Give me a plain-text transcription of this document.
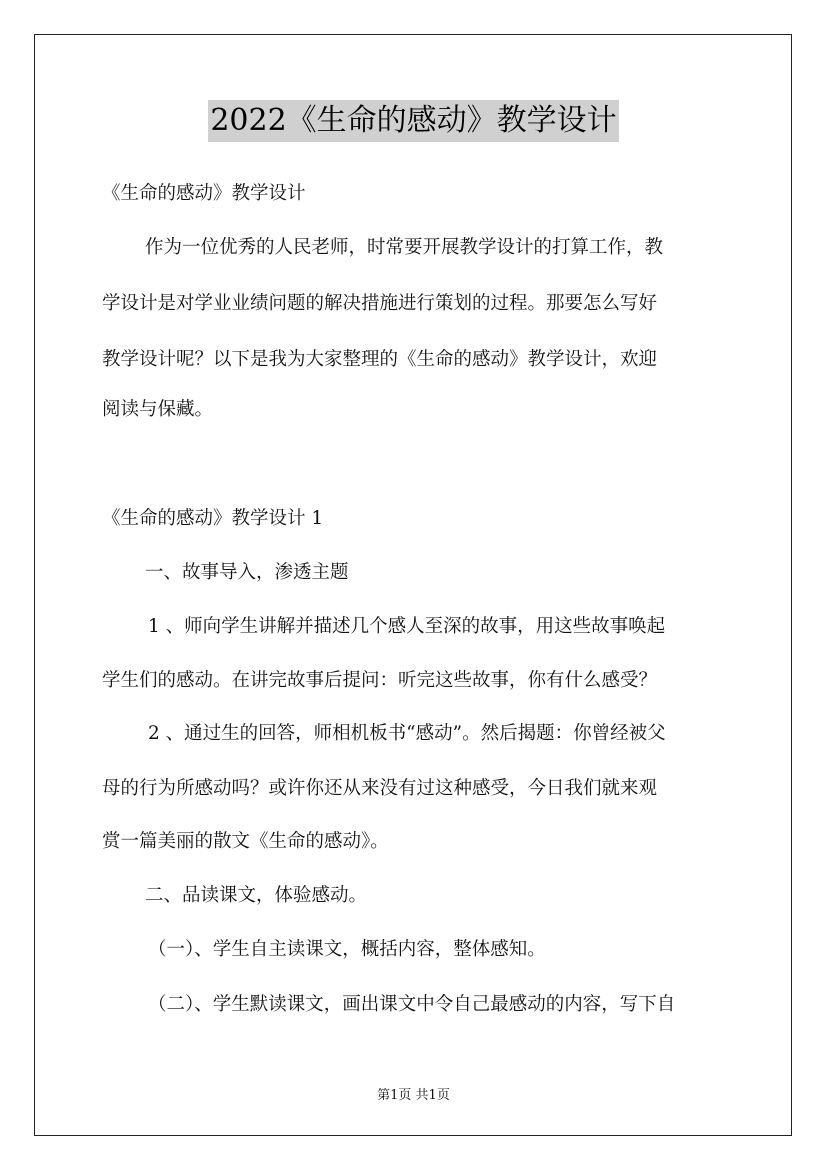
2022《生命的感动》教学设计
《生命的感动》教学设计
作为一位优秀的人民老师，时常要开展教学设计的打算工作，教
学设计是对学业业绩问题的解决措施进行策划的过程。那要怎么写好
教学设计呢？以下是我为大家整理的《生命的感动》教学设计，欢迎
阅读与保藏。
《生命的感动》教学设计 1
一、故事导入，渗透主题
1 、师向学生讲解并描述几个感人至深的故事，用这些故事唤起
学生们的感动。在讲完故事后提问：听完这些故事，你有什么感受？
2 、通过生的回答，师相机板书“感动”。然后揭题：你曾经被父
母的行为所感动吗？或许你还从来没有过这种感受，今日我们就来观
赏一篇美丽的散文《生命的感动》。
二、品读课文，体验感动。
（一）、学生自主读课文，概括内容，整体感知。
（二）、学生默读课文，画出课文中令自己最感动的内容，写下自
第1页 共1页
